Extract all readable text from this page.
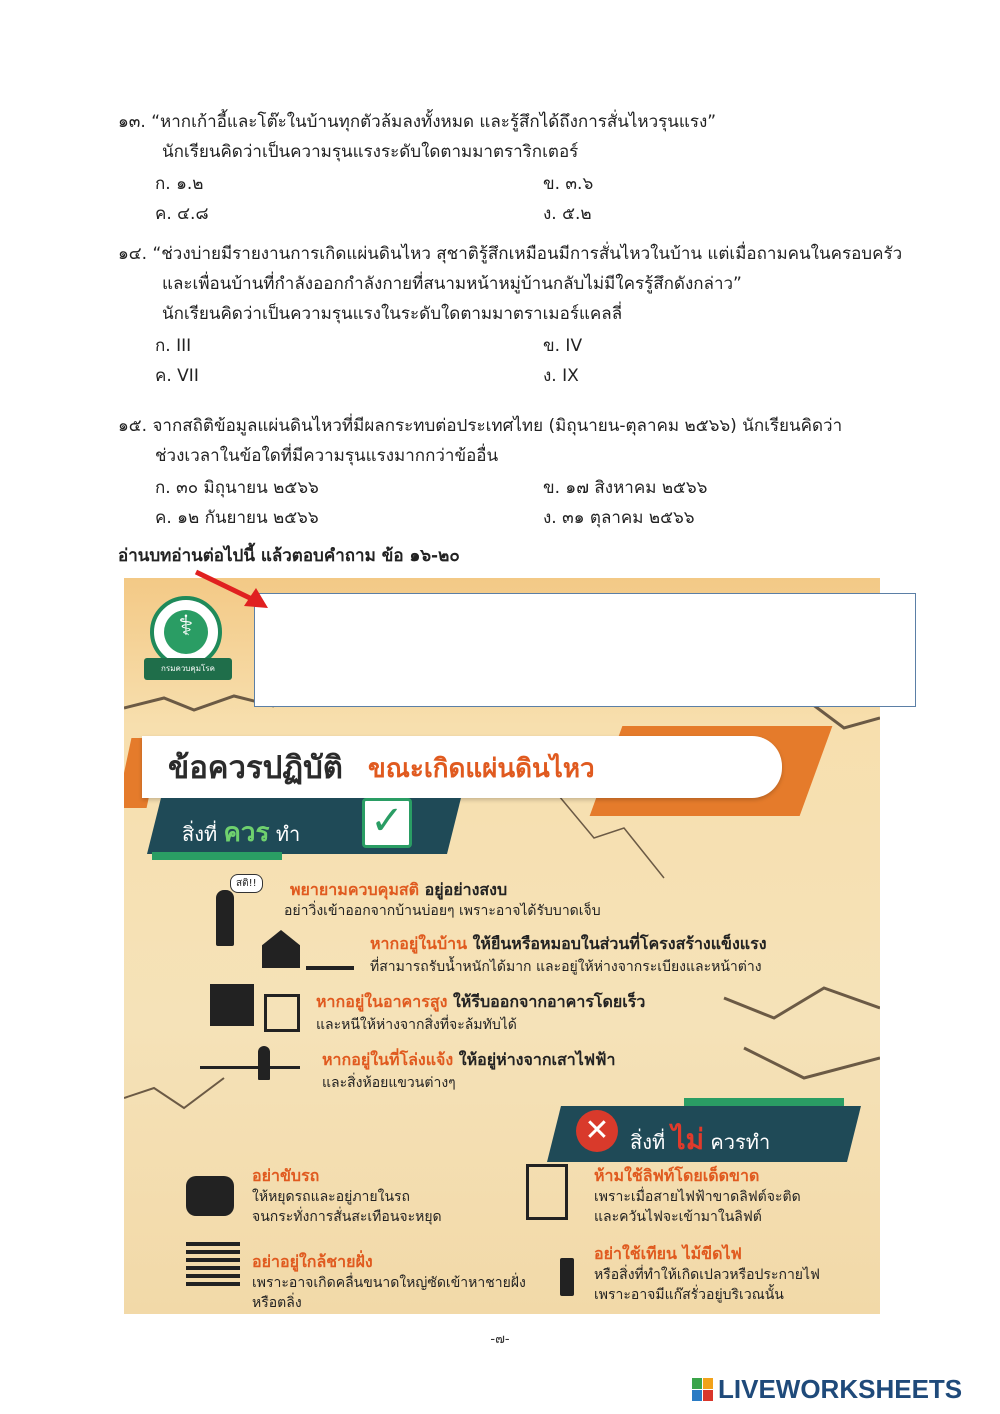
๑๓. “หากเก้าอี้และโต๊ะในบ้านทุกตัวล้มลงทั้งหมด และรู้สึกได้ถึงการสั่นไหวรุนแรง”
นักเรียนคิดว่าเป็นความรุนแรงระดับใดตามมาตราริกเตอร์
ก. ๑.๒	ข. ๓.๖
ค. ๔.๘	ง. ๕.๒
๑๔. “ช่วงบ่ายมีรายงานการเกิดแผ่นดินไหว สุชาติรู้สึกเหมือนมีการสั่นไหวในบ้าน แต่เมื่อถามคนในครอบครัว
และเพื่อนบ้านที่กำลังออกกำลังกายที่สนามหน้าหมู่บ้านกลับไม่มีใครรู้สึกดังกล่าว”
นักเรียนคิดว่าเป็นความรุนแรงในระดับใดตามมาตราเมอร์แคลลี่
ก. III	ข. IV
ค. VII	ง. IX
๑๕. จากสถิติข้อมูลแผ่นดินไหวที่มีผลกระทบต่อประเทศไทย (มิถุนายน-ตุลาคม ๒๕๖๖) นักเรียนคิดว่า
ช่วงเวลาในข้อใดที่มีความรุนแรงมากกว่าข้ออื่น
ก. ๓๐ มิถุนายน ๒๕๖๖	ข. ๑๗ สิงหาคม ๒๕๖๖
ค. ๑๒ กันยายน ๒๕๖๖	ง. ๓๑ ตุลาคม ๒๕๖๖
อ่านบทอ่านต่อไปนี้ แล้วตอบคำถาม ข้อ ๑๖-๒๐
⚕
กรมควบคุมโรค
ข้อควรปฏิบัติ ขณะเกิดแผ่นดินไหว
สิ่งที่ ควร ทำ ✓
สติ!!	พยายามควบคุมสติ อยู่อย่างสงบ
อย่าวิ่งเข้าออกจากบ้านบ่อยๆ เพราะอาจได้รับบาดเจ็บ
หากอยู่ในบ้าน ให้ยืนหรือหมอบในส่วนที่โครงสร้างแข็งแรง
ที่สามารถรับน้ำหนักได้มาก และอยู่ให้ห่างจากระเบียงและหน้าต่าง
หากอยู่ในอาคารสูง ให้รีบออกจากอาคารโดยเร็ว
และหนีให้ห่างจากสิ่งที่จะล้มทับได้
หากอยู่ในที่โล่งแจ้ง ให้อยู่ห่างจากเสาไฟฟ้า
และสิ่งห้อยแขวนต่างๆ
✕	สิ่งที่ ไม่ ควรทำ
อย่าขับรถ
ให้หยุดรถและอยู่ภายในรถ
จนกระทั่งการสั่นสะเทือนจะหยุด
ห้ามใช้ลิฟท์โดยเด็ดขาด
เพราะเมื่อสายไฟฟ้าขาดลิฟต์จะติด
และควันไฟจะเข้ามาในลิฟต์
อย่าอยู่ใกล้ชายฝั่ง
เพราะอาจเกิดคลื่นขนาดใหญ่ซัดเข้าหาชายฝั่ง
หรือตลิ่ง
อย่าใช้เทียน ไม้ขีดไฟ
หรือสิ่งที่ทำให้เกิดเปลวหรือประกายไฟ
เพราะอาจมีแก๊สรั่วอยู่บริเวณนั้น
-๗-
LIVEWORKSHEETS
